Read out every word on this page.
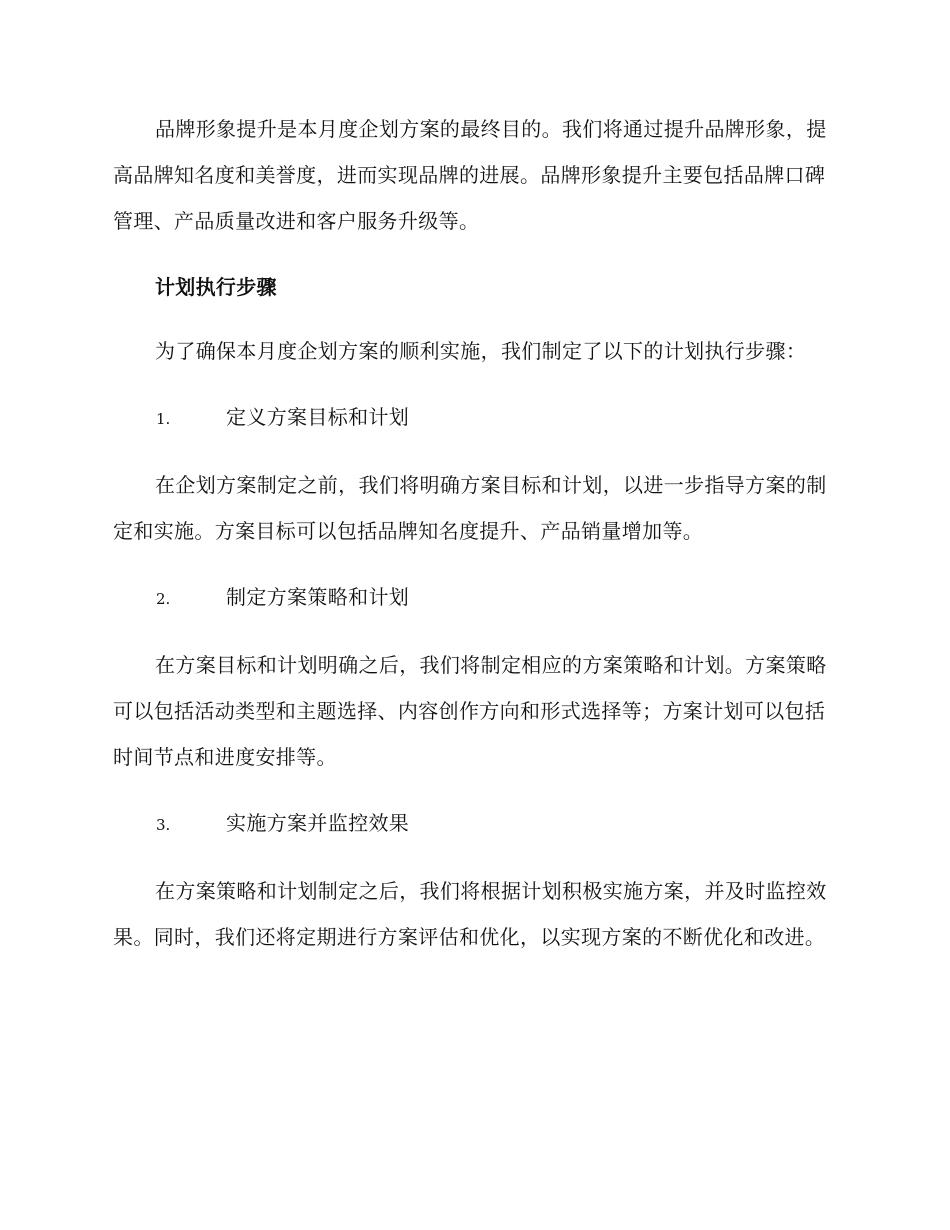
品牌形象提升是本月度企划方案的最终目的。我们将通过提升品牌形象，提高品牌知名度和美誉度，进而实现品牌的进展。品牌形象提升主要包括品牌口碑管理、产品质量改进和客户服务升级等。

计划执行步骤

为了确保本月度企划方案的顺利实施，我们制定了以下的计划执行步骤：

1.	定义方案目标和计划

在企划方案制定之前，我们将明确方案目标和计划，以进一步指导方案的制定和实施。方案目标可以包括品牌知名度提升、产品销量增加等。

2.	制定方案策略和计划

在方案目标和计划明确之后，我们将制定相应的方案策略和计划。方案策略可以包括活动类型和主题选择、内容创作方向和形式选择等；方案计划可以包括时间节点和进度安排等。

3.	实施方案并监控效果

在方案策略和计划制定之后，我们将根据计划积极实施方案，并及时监控效果。同时，我们还将定期进行方案评估和优化，以实现方案的不断优化和改进。
